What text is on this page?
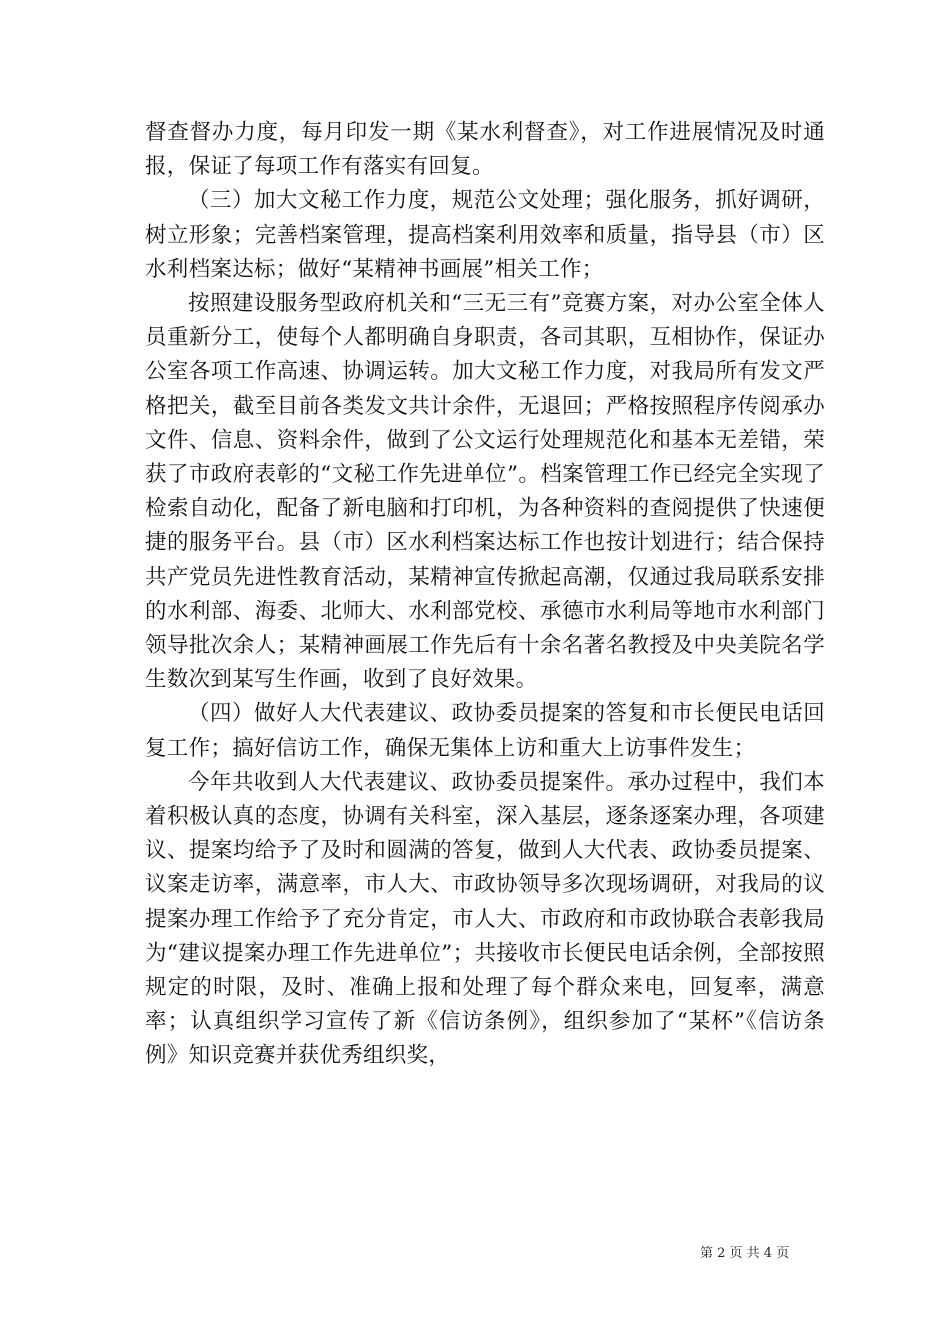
督查督办力度，每月印发一期《某水利督查》，对工作进展情况及时通报，保证了每项工作有落实有回复。

（三）加大文秘工作力度，规范公文处理；强化服务，抓好调研，树立形象；完善档案管理，提高档案利用效率和质量，指导县（市）区水利档案达标；做好“某精神书画展”相关工作；

按照建设服务型政府机关和“三无三有”竞赛方案，对办公室全体人员重新分工，使每个人都明确自身职责，各司其职，互相协作，保证办公室各项工作高速、协调运转。加大文秘工作力度，对我局所有发文严格把关，截至目前各类发文共计余件，无退回；严格按照程序传阅承办文件、信息、资料余件，做到了公文运行处理规范化和基本无差错，荣获了市政府表彰的“文秘工作先进单位”。档案管理工作已经完全实现了检索自动化，配备了新电脑和打印机，为各种资料的查阅提供了快速便捷的服务平台。县（市）区水利档案达标工作也按计划进行；结合保持共产党员先进性教育活动，某精神宣传掀起高潮，仅通过我局联系安排的水利部、海委、北师大、水利部党校、承德市水利局等地市水利部门领导批次余人；某精神画展工作先后有十余名著名教授及中央美院名学生数次到某写生作画，收到了良好效果。

（四）做好人大代表建议、政协委员提案的答复和市长便民电话回复工作；搞好信访工作，确保无集体上访和重大上访事件发生；

今年共收到人大代表建议、政协委员提案件。承办过程中，我们本着积极认真的态度，协调有关科室，深入基层，逐条逐案办理，各项建议、提案均给予了及时和圆满的答复，做到人大代表、政协委员提案、议案走访率，满意率，市人大、市政协领导多次现场调研，对我局的议提案办理工作给予了充分肯定，市人大、市政府和市政协联合表彰我局为“建议提案办理工作先进单位”；共接收市长便民电话余例，全部按照规定的时限，及时、准确上报和处理了每个群众来电，回复率，满意率；认真组织学习宣传了新《信访条例》，组织参加了“某杯”《信访条例》知识竞赛并获优秀组织奖，

第 2 页 共 4 页
